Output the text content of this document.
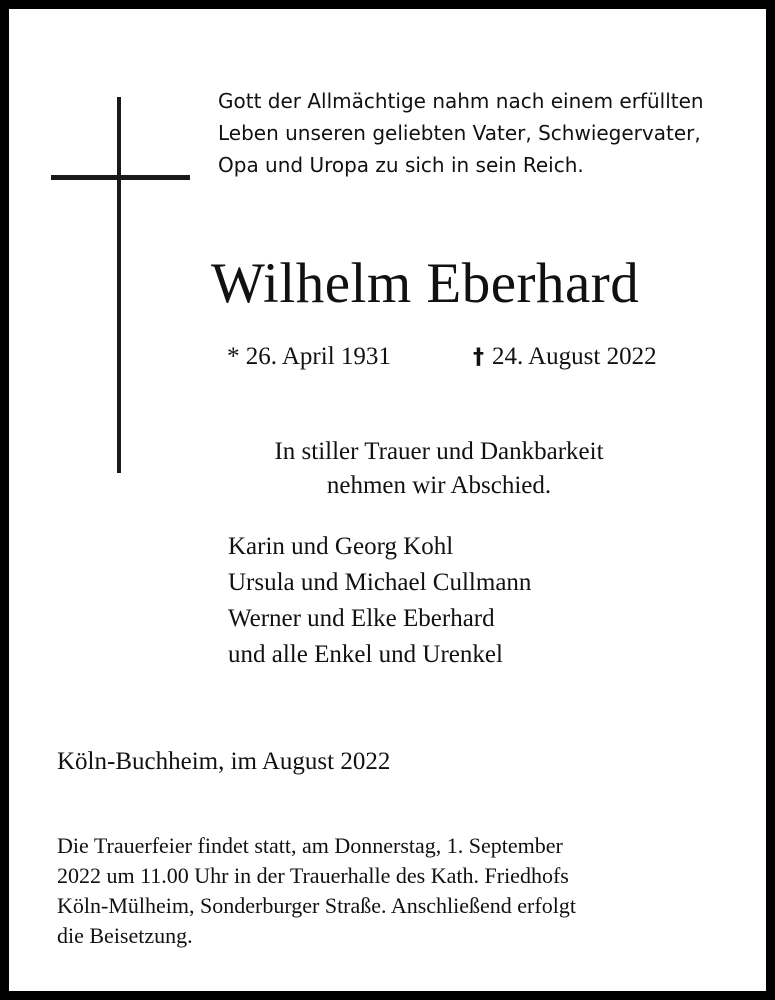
Gott der Allmächtige nahm nach einem erfüllten
Leben unseren geliebten Vater, Schwiegervater,
Opa und Uropa zu sich in sein Reich.
Wilhelm Eberhard
* 26. April 1931	† 24. August 2022
In stiller Trauer und Dankbarkeit
nehmen wir Abschied.
Karin und Georg Kohl
Ursula und Michael Cullmann
Werner und Elke Eberhard
und alle Enkel und Urenkel
Köln-Buchheim, im August 2022
Die Trauerfeier findet statt, am Donnerstag, 1. September
2022 um 11.00 Uhr in der Trauerhalle des Kath. Friedhofs
Köln-Mülheim, Sonderburger Straße. Anschließend erfolgt
die Beisetzung.
